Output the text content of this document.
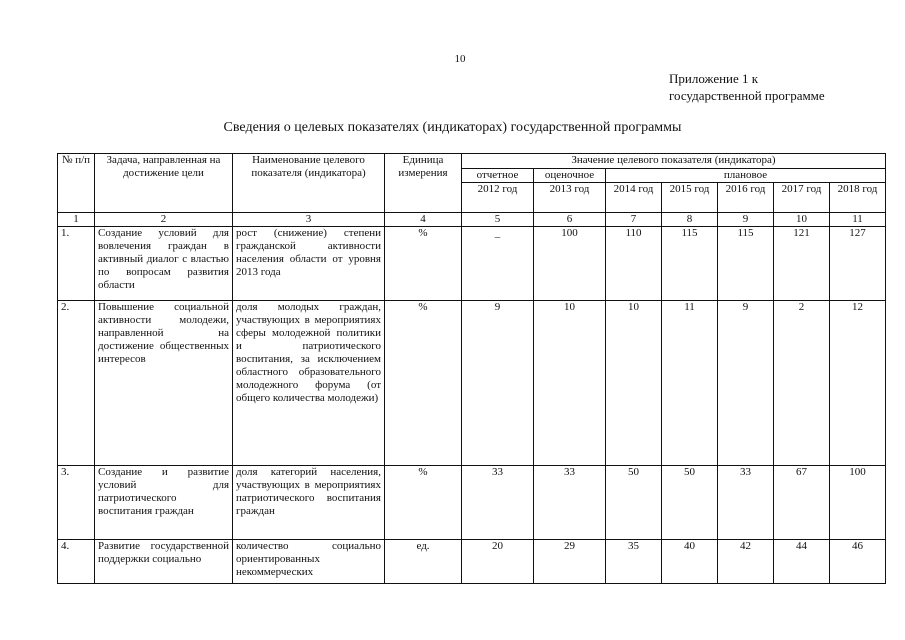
10
Приложение 1 к
государственной программе
Сведения о целевых показателях (индикаторах) государственной программы
№ п/п	Задача, направленная на достижение цели	Наименование целевого показателя (индикатора)	Единица измерения	Значение целевого показателя (индикатора)						
				отчетное	оценочное	плановое				
				2012 год	2013 год	2014 год	2015 год	2016 год	2017 год	2018 год
1	2	3	4	5	6	7	8	9	10	11
1.	Создание условий для вовлечения граждан в активный диалог с властью по вопросам развития области	рост (снижение) степени гражданской активности населения области от уровня 2013 года	%	_	100	110	115	115	121	127
2.	Повышение социальной активности молодежи, направленной на достижение общественных интересов	доля молодых граждан, участвующих в мероприятиях сферы молодежной политики и патриотического воспитания, за исключением областного образовательного молодежного форума (от общего количества молодежи)	%	9	10	10	11	9	2	12
3.	Создание и развитие условий для патриотического воспитания граждан	доля категорий населения, участвующих в мероприятиях патриотического воспитания граждан	%	33	33	50	50	33	67	100
4.	Развитие государственной поддержки социально	количество социально ориентированных некоммерческих	ед.	20	29	35	40	42	44	46
